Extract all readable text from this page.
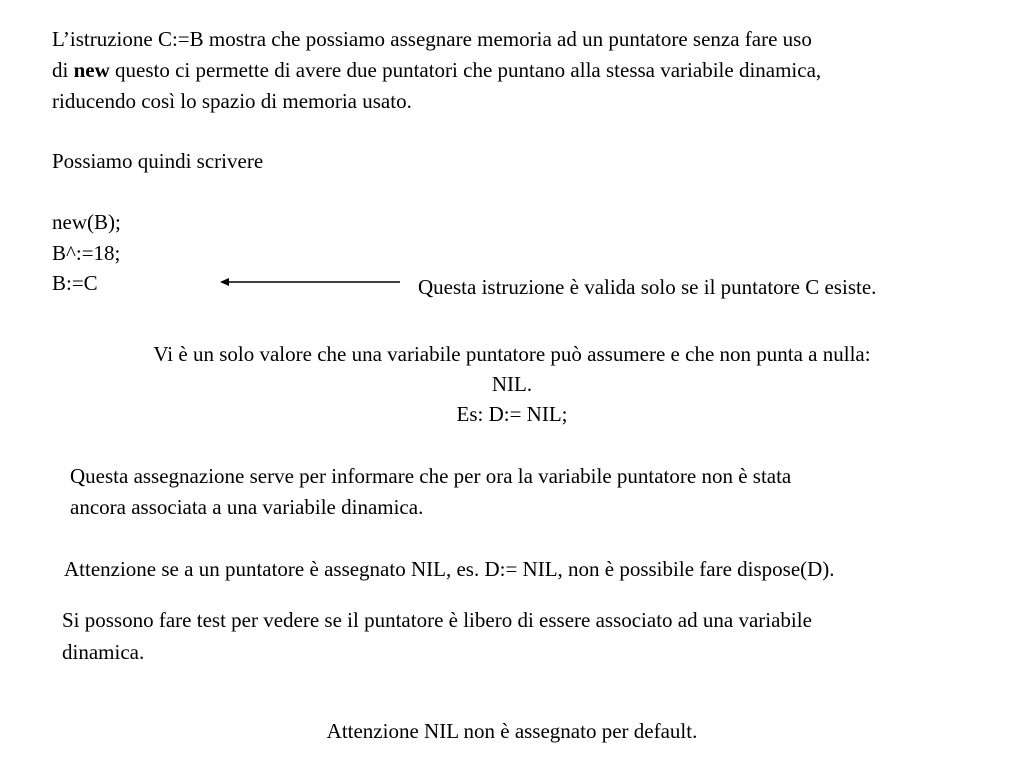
L’istruzione C:=B mostra che possiamo assegnare memoria ad un puntatore senza fare uso
di new questo ci permette di avere due puntatori che puntano alla stessa variabile dinamica,
riducendo così lo spazio di memoria usato.
Possiamo quindi scrivere
new(B);
B^:=18;
B:=C	Questa istruzione è valida solo se il puntatore C esiste.
Vi è un solo valore che una variabile puntatore può assumere e che non punta a nulla:
NIL.
Es: D:= NIL;
Questa assegnazione serve per informare che per ora la variabile puntatore non è stata
ancora associata a una variabile dinamica.
Attenzione se a un puntatore è assegnato NIL, es. D:= NIL, non è possibile fare dispose(D).
Si possono fare test per vedere se il puntatore è libero di essere associato ad una variabile
dinamica.
Attenzione NIL non è assegnato per default.
